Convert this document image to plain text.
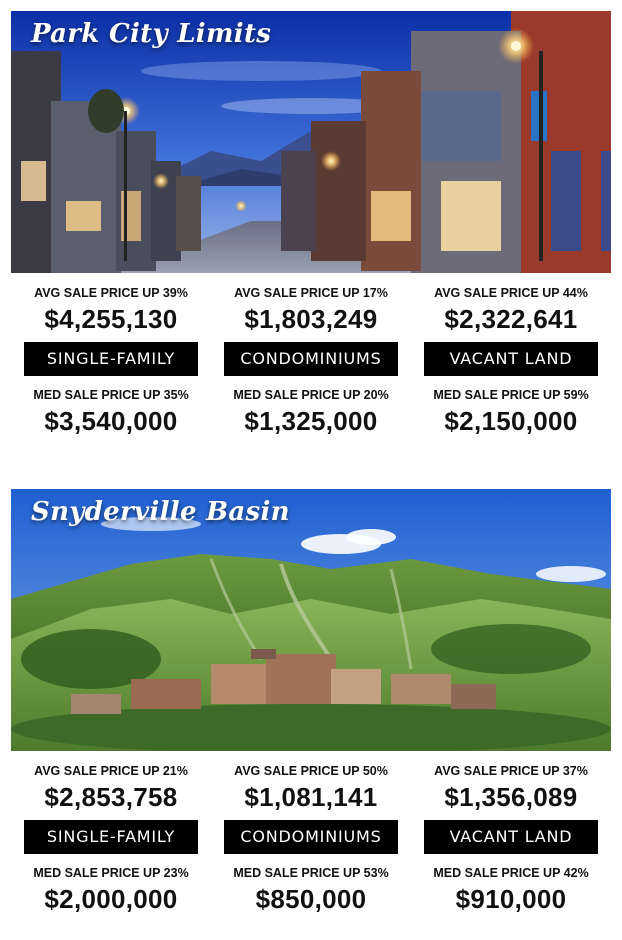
Park City Limits
AVG SALE PRICE UP 39%
$4,255,130
SINGLE-FAMILY
MED SALE PRICE UP 35%
$3,540,000
AVG SALE PRICE UP 17%
$1,803,249
CONDOMINIUMS
MED SALE PRICE UP 20%
$1,325,000
AVG SALE PRICE UP 44%
$2,322,641
VACANT LAND
MED SALE PRICE UP 59%
$2,150,000
Snyderville Basin
AVG SALE PRICE UP 21%
$2,853,758
SINGLE-FAMILY
MED SALE PRICE UP 23%
$2,000,000
AVG SALE PRICE UP 50%
$1,081,141
CONDOMINIUMS
MED SALE PRICE UP 53%
$850,000
AVG SALE PRICE UP 37%
$1,356,089
VACANT LAND
MED SALE PRICE UP 42%
$910,000
